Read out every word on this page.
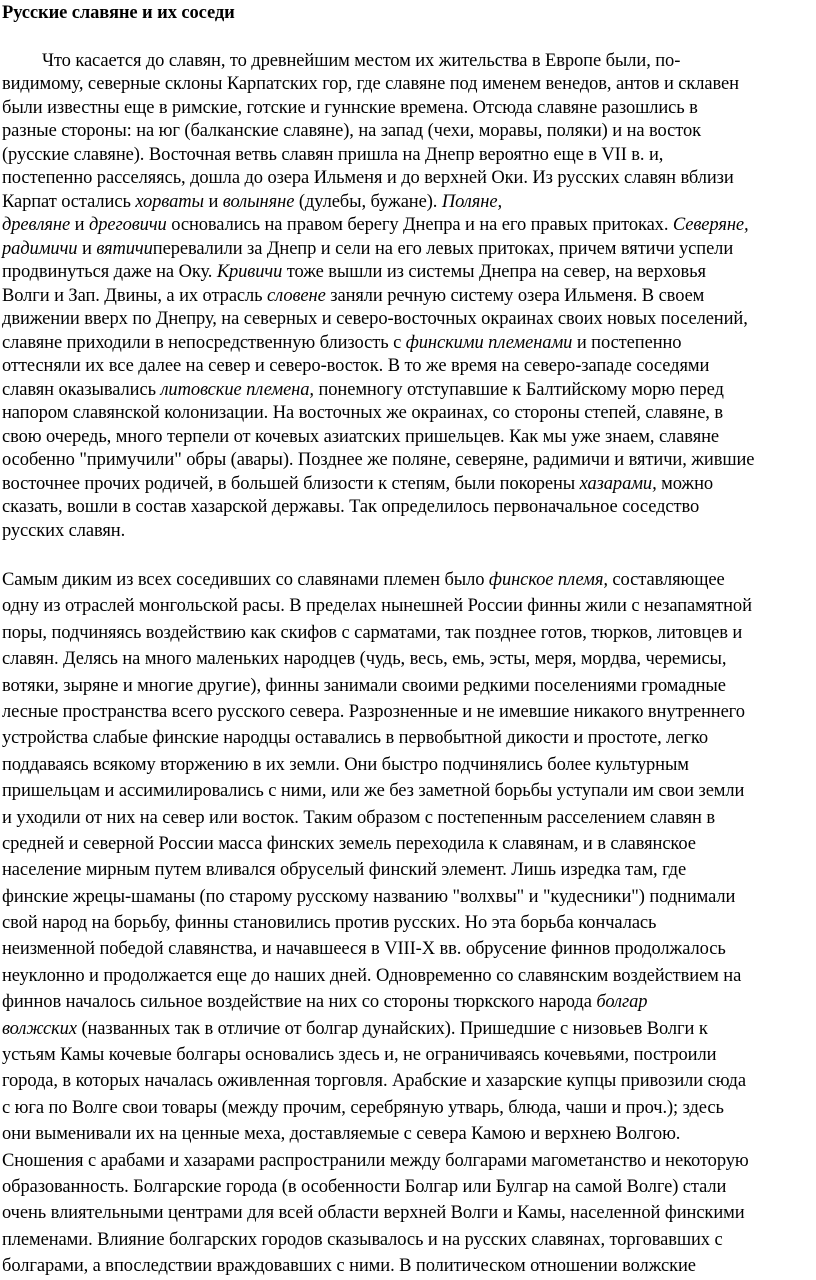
Русские славяне и их соседи
Что касается до славян, то древнейшим местом их жительства в Европе были, по-
видимому, северные склоны Карпатских гор, где славяне под именем венедов, антов и склавен
были известны еще в римские, готские и гуннские времена. Отсюда славяне разошлись в
разные стороны: на юг (балканские славяне), на запад (чехи, моравы, поляки) и на восток
(русские славяне). Восточная ветвь славян пришла на Днепр вероятно еще в VII в. и,
постепенно расселяясь, дошла до озера Ильменя и до верхней Оки. Из русских славян вблизи
Карпат остались хорваты и волыняне (дулебы, бужане). Поляне,
древляне и дреговичи основались на правом берегу Днепра и на его правых притоках. Северяне,
радимичи и вятичиперевалили за Днепр и сели на его левых притоках, причем вятичи успели
продвинуться даже на Оку. Кривичи тоже вышли из системы Днепра на север, на верховья
Волги и Зап. Двины, а их отрасль словене заняли речную систему озера Ильменя. В своем
движении вверх по Днепру, на северных и северо-восточных окраинах своих новых поселений,
славяне приходили в непосредственную близость с финскими племенами и постепенно
оттесняли их все далее на север и северо-восток. В то же время на северо-западе соседями
славян оказывались литовские племена, понемногу отступавшие к Балтийскому морю перед
напором славянской колонизации. На восточных же окраинах, со стороны степей, славяне, в
свою очередь, много терпели от кочевых азиатских пришельцев. Как мы уже знаем, славяне
особенно "примучили" обры (авары). Позднее же поляне, северяне, радимичи и вятичи, жившие
восточнее прочих родичей, в большей близости к степям, были покорены хазарами, можно
сказать, вошли в состав хазарской державы. Так определилось первоначальное соседство
русских славян.
Самым диким из всех соседивших со славянами племен было финское племя, составляющее
одну из отраслей монгольской расы. В пределах нынешней России финны жили с незапамятной
поры, подчиняясь воздействию как скифов с сарматами, так позднее готов, тюрков, литовцев и
славян. Делясь на много маленьких народцев (чудь, весь, емь, эсты, меря, мордва, черемисы,
вотяки, зыряне и многие другие), финны занимали своими редкими поселениями громадные
лесные пространства всего русского севера. Разрозненные и не имевшие никакого внутреннего
устройства слабые финские народцы оставались в первобытной дикости и простоте, легко
поддаваясь всякому вторжению в их земли. Они быстро подчинялись более культурным
пришельцам и ассимилировались с ними, или же без заметной борьбы уступали им свои земли
и уходили от них на север или восток. Таким образом с постепенным расселением славян в
средней и северной России масса финских земель переходила к славянам, и в славянское
население мирным путем вливался обруселый финский элемент. Лишь изредка там, где
финские жрецы-шаманы (по старому русскому названию "волхвы" и "кудесники") поднимали
свой народ на борьбу, финны становились против русских. Но эта борьба кончалась
неизменной победой славянства, и начавшееся в VIII-X вв. обрусение финнов продолжалось
неуклонно и продолжается еще до наших дней. Одновременно со славянским воздействием на
финнов началось сильное воздействие на них со стороны тюркского народа болгар
волжских (названных так в отличие от болгар дунайских). Пришедшие с низовьев Волги к
устьям Камы кочевые болгары основались здесь и, не ограничиваясь кочевьями, построили
города, в которых началась оживленная торговля. Арабские и хазарские купцы привозили сюда
с юга по Волге свои товары (между прочим, серебряную утварь, блюда, чаши и проч.); здесь
они выменивали их на ценные меха, доставляемые с севера Камою и верхнею Волгою.
Сношения с арабами и хазарами распространили между болгарами магометанство и некоторую
образованность. Болгарские города (в особенности Болгар или Булгар на самой Волге) стали
очень влиятельными центрами для всей области верхней Волги и Камы, населенной финскими
племенами. Влияние болгарских городов сказывалось и на русских славянах, торговавших с
болгарами, а впоследствии враждовавших с ними. В политическом отношении волжские
